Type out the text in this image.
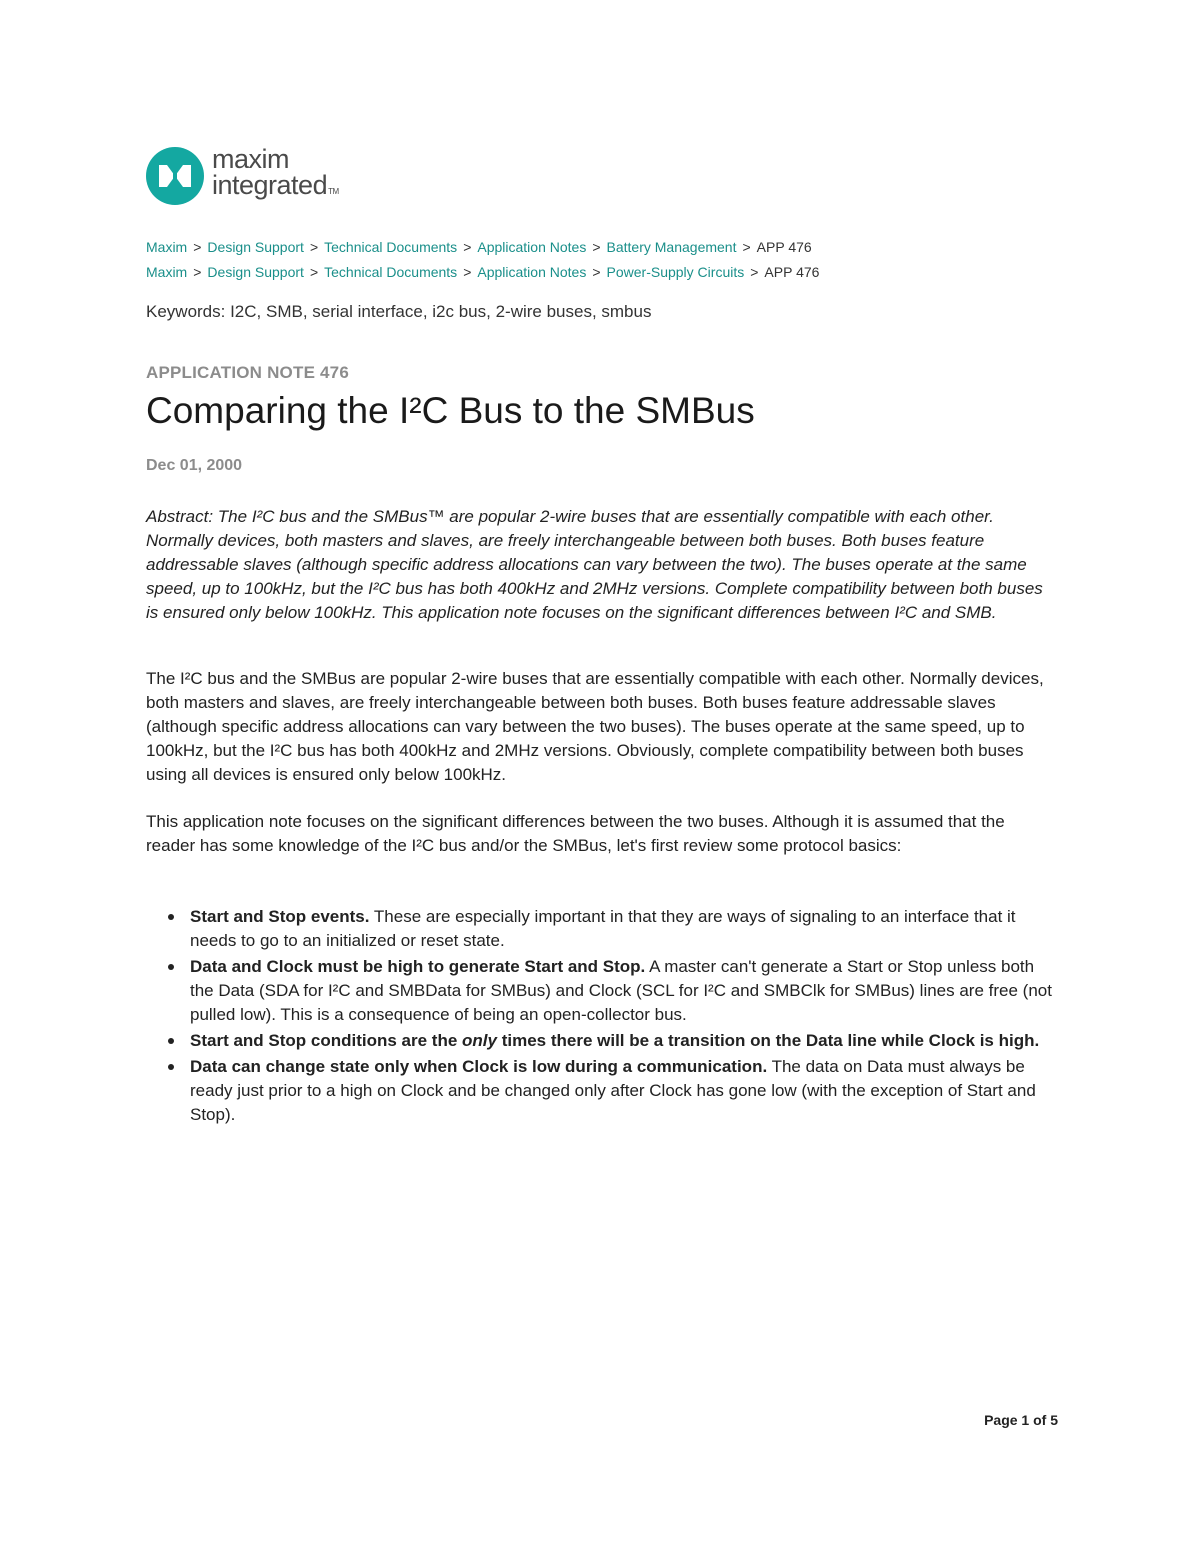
maxim
integratedTM
Maxim > Design Support > Technical Documents > Application Notes > Battery Management > APP 476
Maxim > Design Support > Technical Documents > Application Notes > Power-Supply Circuits > APP 476
Keywords: I2C, SMB, serial interface, i2c bus, 2-wire buses, smbus
APPLICATION NOTE 476
Comparing the I²C Bus to the SMBus
Dec 01, 2000

Abstract: The I²C bus and the SMBus™ are popular 2-wire buses that are essentially compatible with each other. Normally devices, both masters and slaves, are freely interchangeable between both buses. Both buses feature addressable slaves (although specific address allocations can vary between the two). The buses operate at the same speed, up to 100kHz, but the I²C bus has both 400kHz and 2MHz versions. Complete compatibility between both buses is ensured only below 100kHz. This application note focuses on the significant differences between I²C and SMB.

The I²C bus and the SMBus are popular 2-wire buses that are essentially compatible with each other. Normally devices, both masters and slaves, are freely interchangeable between both buses. Both buses feature addressable slaves (although specific address allocations can vary between the two buses). The buses operate at the same speed, up to 100kHz, but the I²C bus has both 400kHz and 2MHz versions. Obviously, complete compatibility between both buses using all devices is ensured only below 100kHz.

This application note focuses on the significant differences between the two buses. Although it is assumed that the reader has some knowledge of the I²C bus and/or the SMBus, let's first review some protocol basics:

Start and Stop events. These are especially important in that they are ways of signaling to an interface that it needs to go to an initialized or reset state.
Data and Clock must be high to generate Start and Stop. A master can't generate a Start or Stop unless both the Data (SDA for I²C and SMBData for SMBus) and Clock (SCL for I²C and SMBClk for SMBus) lines are free (not pulled low). This is a consequence of being an open-collector bus.
Start and Stop conditions are the only times there will be a transition on the Data line while Clock is high.
Data can change state only when Clock is low during a communication. The data on Data must always be ready just prior to a high on Clock and be changed only after Clock has gone low (with the exception of Start and Stop).
Page 1 of 5
